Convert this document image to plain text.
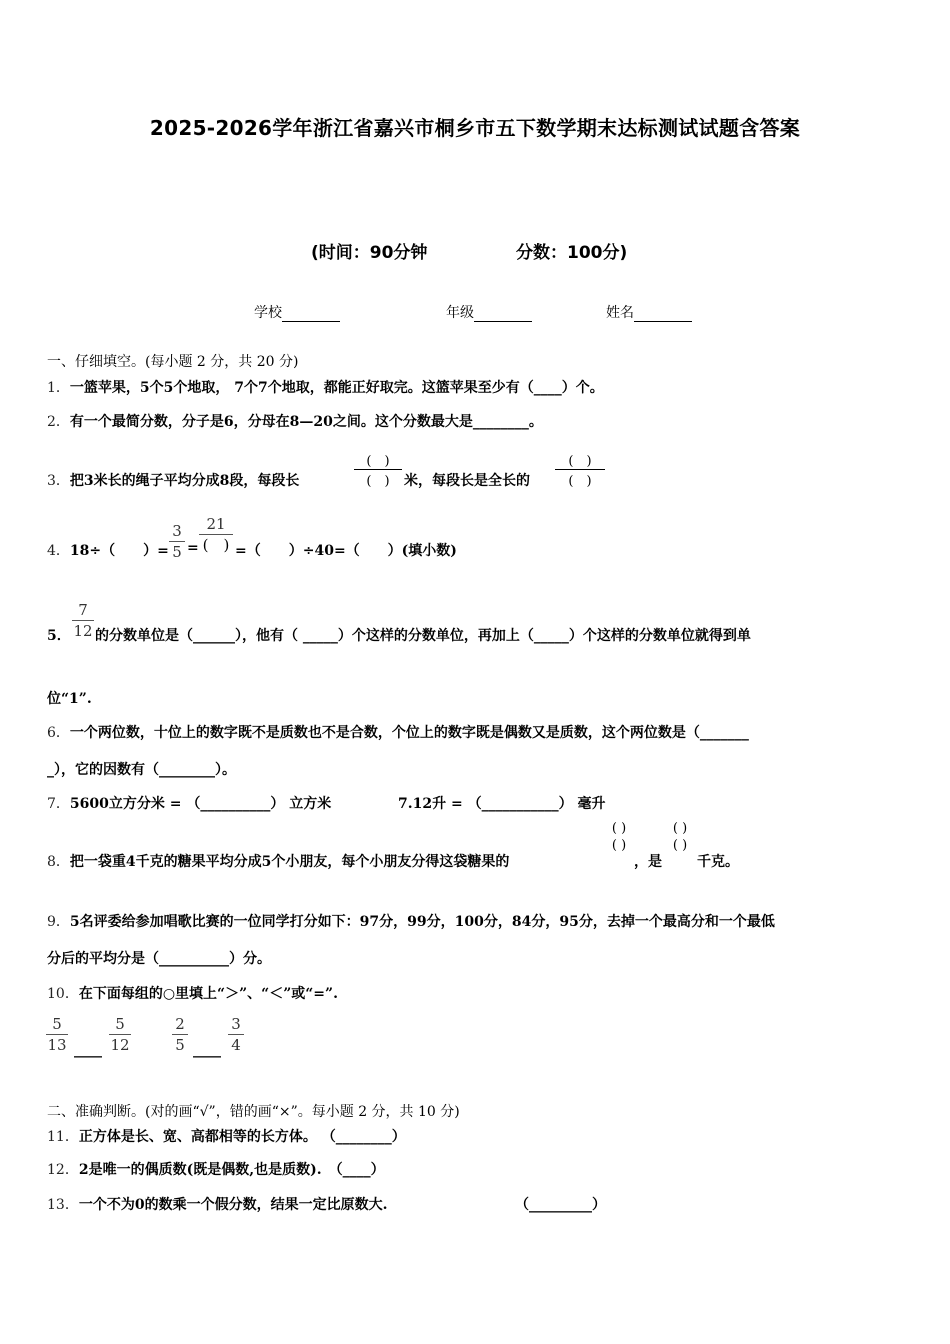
2025-2026学年浙江省嘉兴市桐乡市五下数学期末达标测试试题含答案
(时间：90分钟	分数：100分)
学校	年级	姓名
一、仔细填空。(每小题 2 分，共 20 分)
1．一篮苹果，5个5个地取， 7个7个地取，都能正好取完。这篮苹果至少有（____）个。
2．有一个最简分数，分子是6，分母在8—20之间。这个分数最大是________。
3．把3米长的绳子平均分成8段，每段长
(　)
(　)	米，每段长是全长的
(　)
(　)
4．18÷（　　）=
3
5 =
21
(　) =（　　）÷40=（　　）(填小数)
5．
7
12 的分数单位是（______），他有（ _____）个这样的分数单位，再加上（_____）个这样的分数单位就得到单
位“1”.
6．一个两位数，十位上的数字既不是质数也不是合数，个位上的数字既是偶数又是质数，这个两位数是（_______
_），它的因数有（________）。
7．5600立方分米 = （__________） 立方米	7.12升 = （___________） 毫升
8．把一袋重4千克的糖果平均分成5个小朋友，每个小朋友分得这袋糖果的
( )
( )
，是
( )
( )
千克。
9．5名评委给参加唱歌比赛的一位同学打分如下：97分，99分，100分，84分，95分，去掉一个最高分和一个最低
分后的平均分是（__________）分。
10．在下面每组的○里填上“＞”、“＜”或“=”.
5
13 ____
5
12
2
5 ____
3
4
二、准确判断。(对的画“√”，错的画“×”。每小题 2 分，共 10 分)
11．正方体是长、宽、高都相等的长方体。 （________）
12．2是唯一的偶质数(既是偶数,也是质数).　（____）
13．一个不为0的数乘一个假分数，结果一定比原数大.	（_________）
